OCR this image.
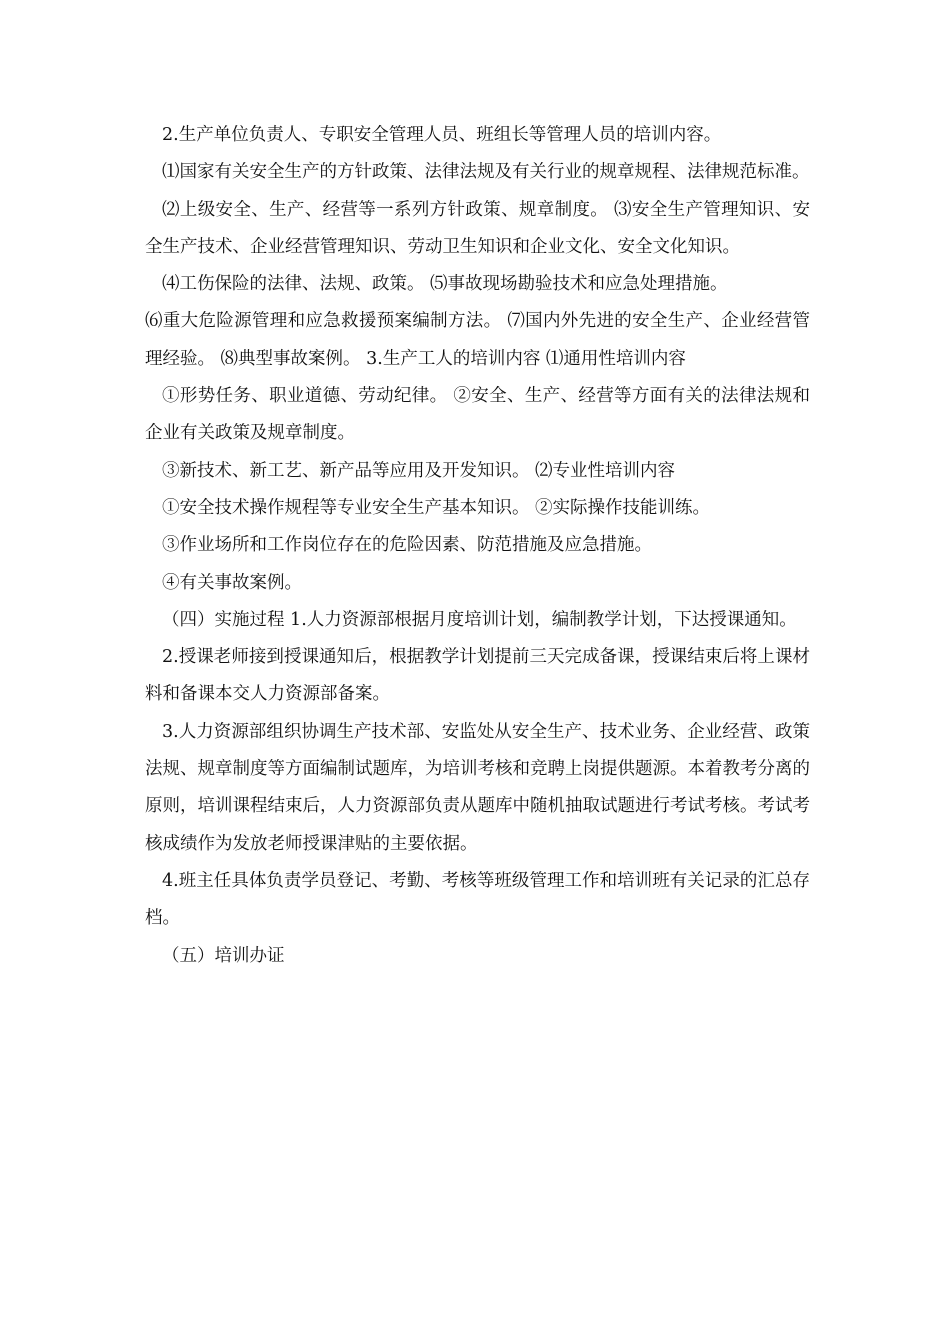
2.生产单位负责人、专职安全管理人员、班组长等管理人员的培训内容。

⑴国家有关安全生产的方针政策、法律法规及有关行业的规章规程、法律规范标准。

⑵上级安全、生产、经营等一系列方针政策、规章制度。 ⑶安全生产管理知识、安全生产技术、企业经营管理知识、劳动卫生知识和企业文化、安全文化知识。

⑷工伤保险的法律、法规、政策。 ⑸事故现场勘验技术和应急处理措施。

⑹重大危险源管理和应急救援预案编制方法。 ⑺国内外先进的安全生产、企业经营管理经验。 ⑻典型事故案例。 3.生产工人的培训内容 ⑴通用性培训内容

①形势任务、职业道德、劳动纪律。 ②安全、生产、经营等方面有关的法律法规和企业有关政策及规章制度。

③新技术、新工艺、新产品等应用及开发知识。 ⑵专业性培训内容

①安全技术操作规程等专业安全生产基本知识。 ②实际操作技能训练。

③作业场所和工作岗位存在的危险因素、防范措施及应急措施。

④有关事故案例。

（四）实施过程 1.人力资源部根据月度培训计划，编制教学计划，下达授课通知。

2.授课老师接到授课通知后，根据教学计划提前三天完成备课，授课结束后将上课材料和备课本交人力资源部备案。

3.人力资源部组织协调生产技术部、安监处从安全生产、技术业务、企业经营、政策法规、规章制度等方面编制试题库，为培训考核和竞聘上岗提供题源。本着教考分离的原则，培训课程结束后，人力资源部负责从题库中随机抽取试题进行考试考核。考试考核成绩作为发放老师授课津贴的主要依据。

4.班主任具体负责学员登记、考勤、考核等班级管理工作和培训班有关记录的汇总存档。

（五）培训办证
